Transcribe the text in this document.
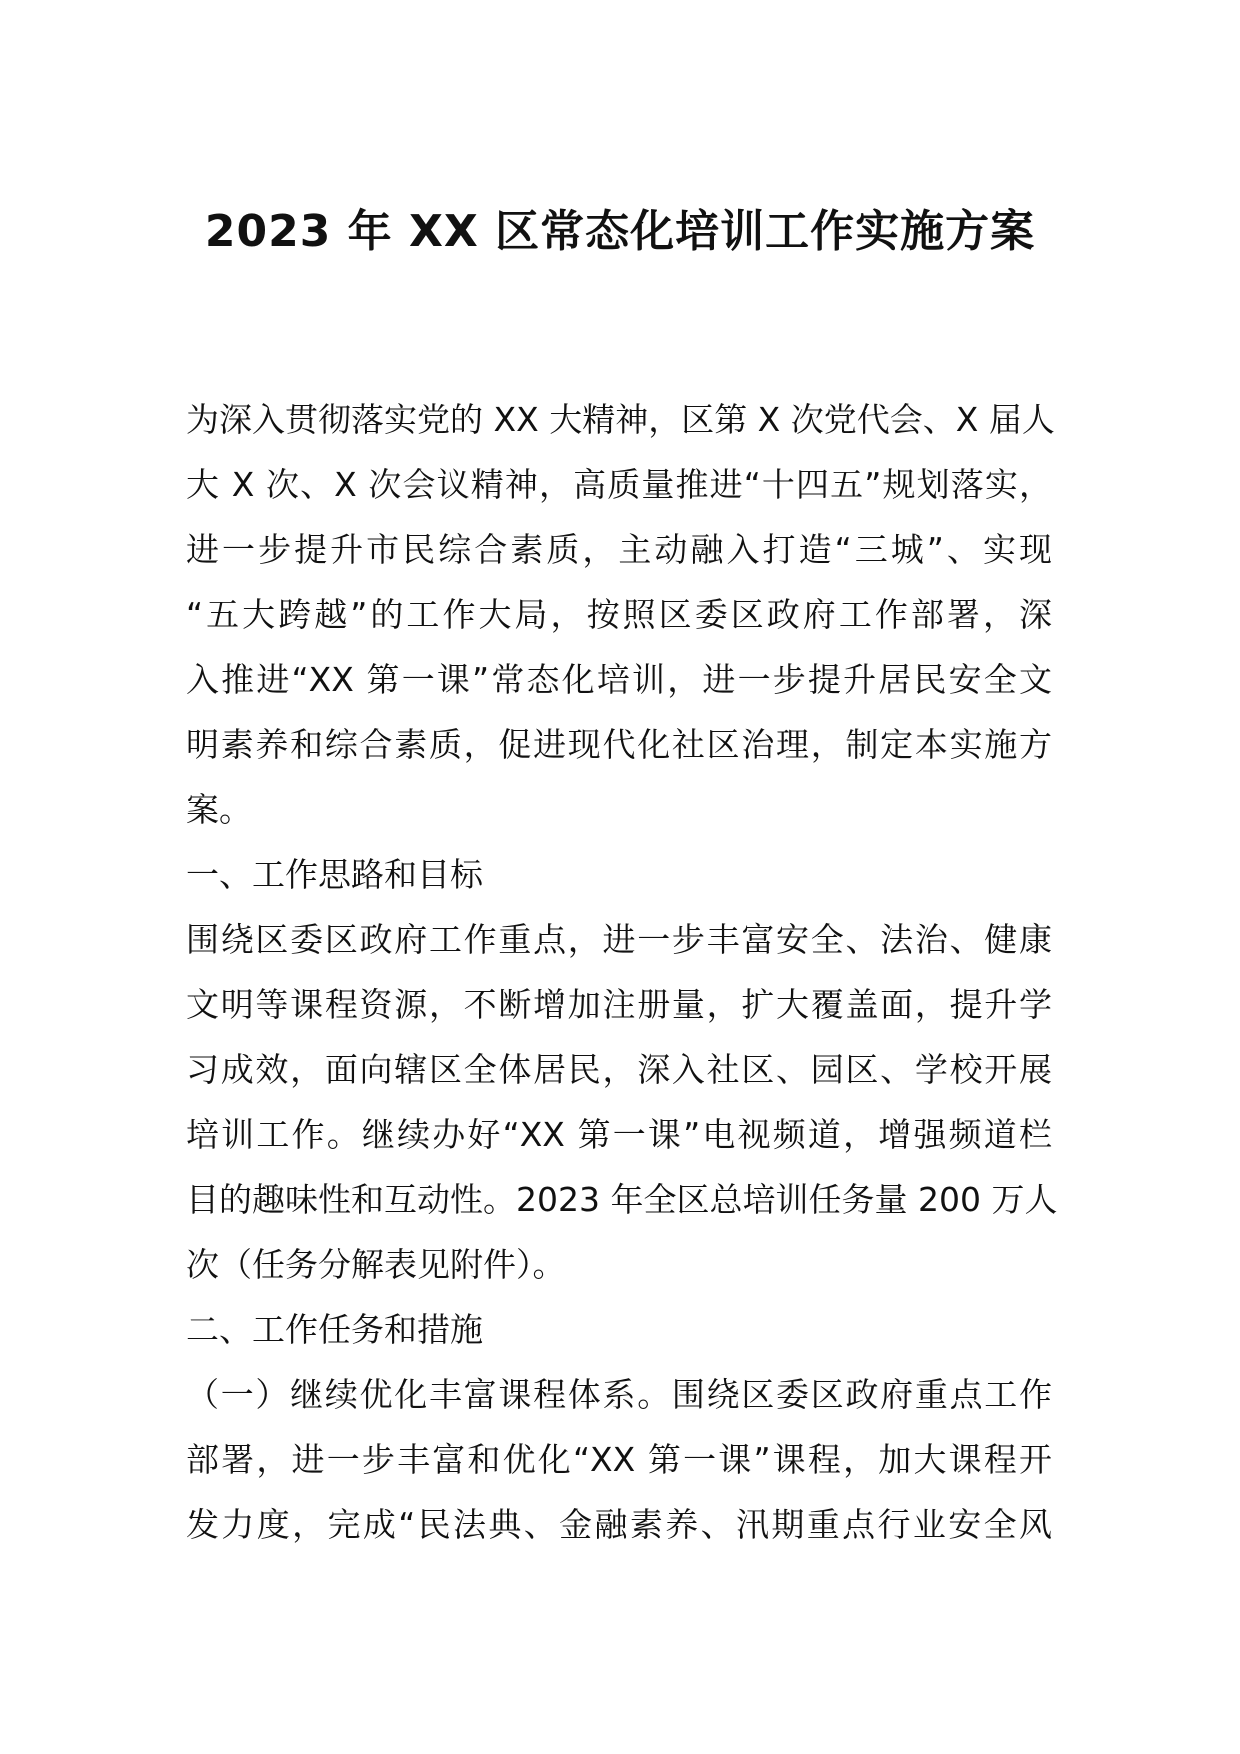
2023 年 XX 区常态化培训工作实施方案
为深入贯彻落实党的 XX 大精神，区第 X 次党代会、X 届人
大 X 次、X 次会议精神，高质量推进“十四五”规划落实，
进一步提升市民综合素质，主动融入打造“三城”、实现
“五大跨越”的工作大局，按照区委区政府工作部署，深
入推进“XX 第一课”常态化培训，进一步提升居民安全文
明素养和综合素质，促进现代化社区治理，制定本实施方
案。
一、工作思路和目标
围绕区委区政府工作重点，进一步丰富安全、法治、健康
文明等课程资源，不断增加注册量，扩大覆盖面，提升学
习成效，面向辖区全体居民，深入社区、园区、学校开展
培训工作。继续办好“XX 第一课”电视频道，增强频道栏
目的趣味性和互动性。2023 年全区总培训任务量 200 万人
次（任务分解表见附件）。
二、工作任务和措施
（一）继续优化丰富课程体系。围绕区委区政府重点工作
部署，进一步丰富和优化“XX 第一课”课程，加大课程开
发力度，完成“民法典、金融素养、汛期重点行业安全风
